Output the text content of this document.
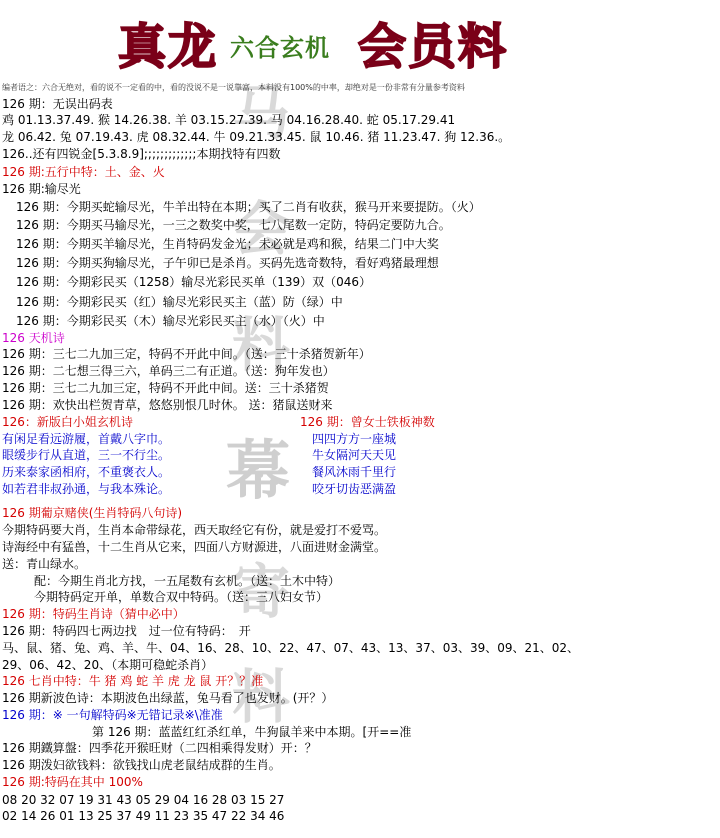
马
会
料
幕
寄
料
真龙 六合玄机 会员料
编者语之：六合无绝对，看的说不一定看的中，看的没说不是一说靠富，本料没有100%的中率，却绝对是一份非常有分量参考资料
126 期：无误出码表
鸡 01.13.37.49. 猴 14.26.38. 羊 03.15.27.39. 马 04.16.28.40. 蛇 05.17.29.41
龙 06.42. 兔 07.19.43. 虎 08.32.44. 牛 09.21.33.45. 鼠 10.46. 猪 11.23.47. 狗 12.36.。
126..还有四锐金[5.3.8.9];;;;;;;;;;;;;本期找特有四数
126 期:五行中特：土、金、火
126 期:输尽光
126 期：今期买蛇输尽光，牛羊出特在本期；买了二肖有收获，猴马开来要提防。（火）
126 期：今期买马输尽光，一三之数奖中奖，七八尾数一定防，特码定要防九合。
126 期：今期买羊输尽光，生肖特码发金光；未必就是鸡和猴，结果二门中大奖
126 期：今期买狗输尽光，子午卯已是杀肖。买码先选奇数特，看好鸡猪最理想
126 期：今期彩民买（1258）输尽光彩民买单（139）双（046）
126 期：今期彩民买（红）输尽光彩民买主（蓝）防（绿）中
126 期：今期彩民买（木）输尽光彩民买主（水）（火）中
126 天机诗
126 期：三七二九加三定，特码不开此中间。（送：三十杀猪贺新年）
126 期：二七想三得三六，单码三二有正道。（送：狗年发也）
126 期：三七二九加三定，特码不开此中间。送：三十杀猪贺
126 期：欢快出栏贺青草，悠悠别恨几时休。 送：猪鼠送财来
126：新版白小姐玄机诗	126 期：曾女士铁板神数
有闲足看远游履，首戴八字巾。
眼缓步行从直道，三一不行尘。
历来泰家函相府，不重褒衣人。
如若君非叔孙通，与我本殊论。
四四方方一座城
牛女隔河天天见
餐风沐雨千里行
咬牙切齿恶满盈
126 期葡京赌侠(生肖特码八句诗)
今期特码要大肖，生肖本命带绿花，西天取经它有份，就是爱打不爱骂。
诗海经中有猛兽，十二生肖从它来，四面八方财源进，八面进财金满堂。
送：青山绿水。
配：今期生肖北方找，一五尾数有玄机。（送：土木中特）
今期特码定开单，单数合双中特码。（送：三八妇女节）
126 期：特码生肖诗（猜中必中）
126 期：特码四七两边找　过一位有特码：　开
马、鼠、猪、兔、鸡、羊、牛、04、16、28、10、22、47、07、43、13、37、03、39、09、21、02、
29、06、42、20、（本期可稳蛇杀肖）
126 七肖中特：牛 猪 鸡 蛇 羊 虎 龙 鼠 开？？准
126 期新波色诗：本期波色出绿蓝，兔马看了也发财。(开？）
126 期：※ 一句解特码※无错记录※\准准
第 126 期：蓝蓝红红杀红单，牛狗鼠羊来中本期。[开==准
126 期鐵算盤：四季花开猴旺财（二四相乘得发财）开：？
126 期泼妇欲钱料：欲钱找山虎老鼠结成群的生肖。
126 期:特码在其中 100%
08 20 32 07 19 31 43 05 29 04 16 28 03 15 27
02 14 26 01 13 25 37 49 11 23 35 47 22 34 46
